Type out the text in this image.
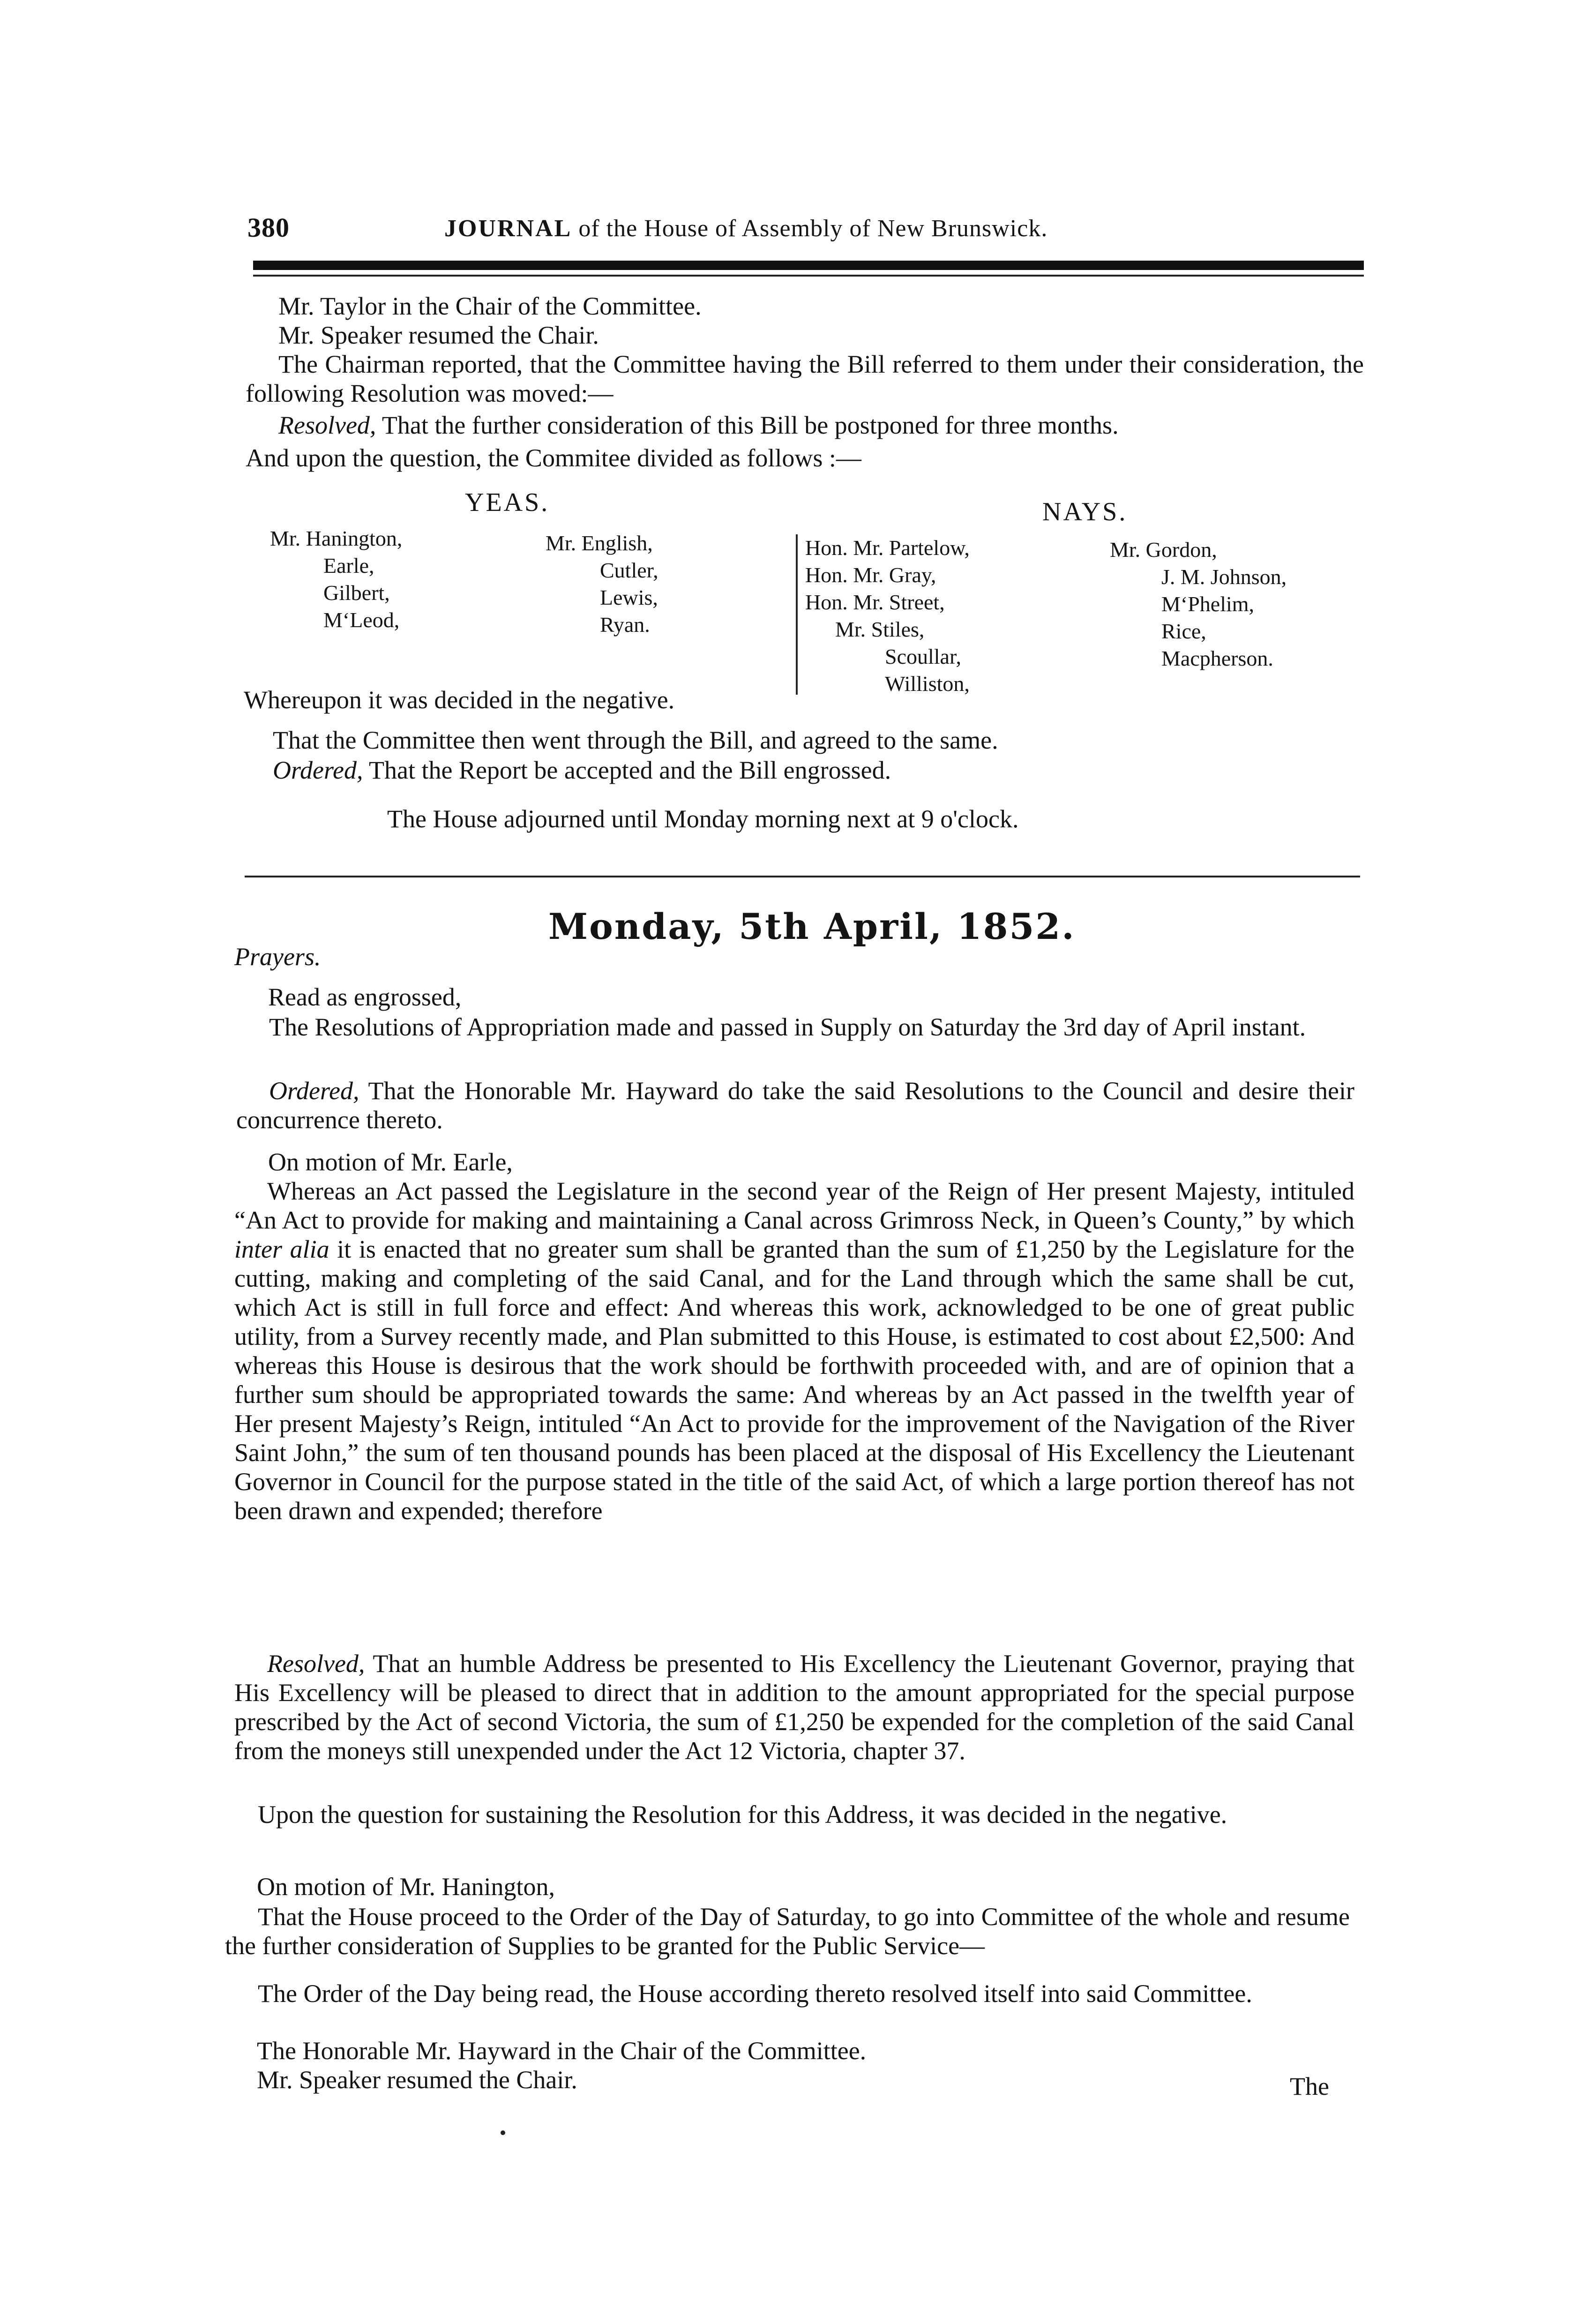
380	JOURNAL of the House of Assembly of New Brunswick.
Mr. Taylor in the Chair of the Committee.
Mr. Speaker resumed the Chair.
The Chairman reported, that the Committee having the Bill referred to them under their consideration, the following Resolution was moved:—
Resolved, That the further consideration of this Bill be postponed for three months.
And upon the question, the Commitee divided as follows :—
YEAS.	NAYS.
Mr. Hanington,
Earle,
Gilbert,
M‘Leod,
Mr. English,
Cutler,
Lewis,
Ryan.
Hon. Mr. Partelow,
Hon. Mr. Gray,
Hon. Mr. Street,
Mr. Stiles,
Scoullar,
Williston,
Mr. Gordon,
J. M. Johnson,
M‘Phelim,
Rice,
Macpherson.
Whereupon it was decided in the negative.
That the Committee then went through the Bill, and agreed to the same.
Ordered, That the Report be accepted and the Bill engrossed.
The House adjourned until Monday morning next at 9 o'clock.
Monday, 5th April, 1852.
Prayers.
Read as engrossed,
The Resolutions of Appropriation made and passed in Supply on Saturday the 3rd day of April instant.
Ordered, That the Honorable Mr. Hayward do take the said Resolutions to the Council and desire their concurrence thereto.
On motion of Mr. Earle,
Whereas an Act passed the Legislature in the second year of the Reign of Her present Majesty, intituled “An Act to provide for making and maintaining a Canal across Grimross Neck, in Queen’s County,” by which inter alia it is enacted that no greater sum shall be granted than the sum of £1,250 by the Legislature for the cutting, making and completing of the said Canal, and for the Land through which the same shall be cut, which Act is still in full force and effect: And whereas this work, acknowledged to be one of great public utility, from a Survey recently made, and Plan submitted to this House, is estimated to cost about £2,500: And whereas this House is desirous that the work should be forthwith proceeded with, and are of opinion that a further sum should be appropriated towards the same: And whereas by an Act passed in the twelfth year of Her present Majesty’s Reign, intituled “An Act to provide for the improvement of the Navigation of the River Saint John,” the sum of ten thousand pounds has been placed at the disposal of His Excellency the Lieutenant Governor in Council for the purpose stated in the title of the said Act, of which a large portion thereof has not been drawn and expended; therefore
Resolved, That an humble Address be presented to His Excellency the Lieutenant Governor, praying that His Excellency will be pleased to direct that in addition to the amount appropriated for the special purpose prescribed by the Act of second Victoria, the sum of £1,250 be expended for the completion of the said Canal from the moneys still unexpended under the Act 12 Victoria, chapter 37.
Upon the question for sustaining the Resolution for this Address, it was decided in the negative.
On motion of Mr. Hanington,
That the House proceed to the Order of the Day of Saturday, to go into Committee of the whole and resume the further consideration of Supplies to be granted for the Public Service—
The Order of the Day being read, the House according thereto resolved itself into said Committee.
The Honorable Mr. Hayward in the Chair of the Committee.
Mr. Speaker resumed the Chair.	The
